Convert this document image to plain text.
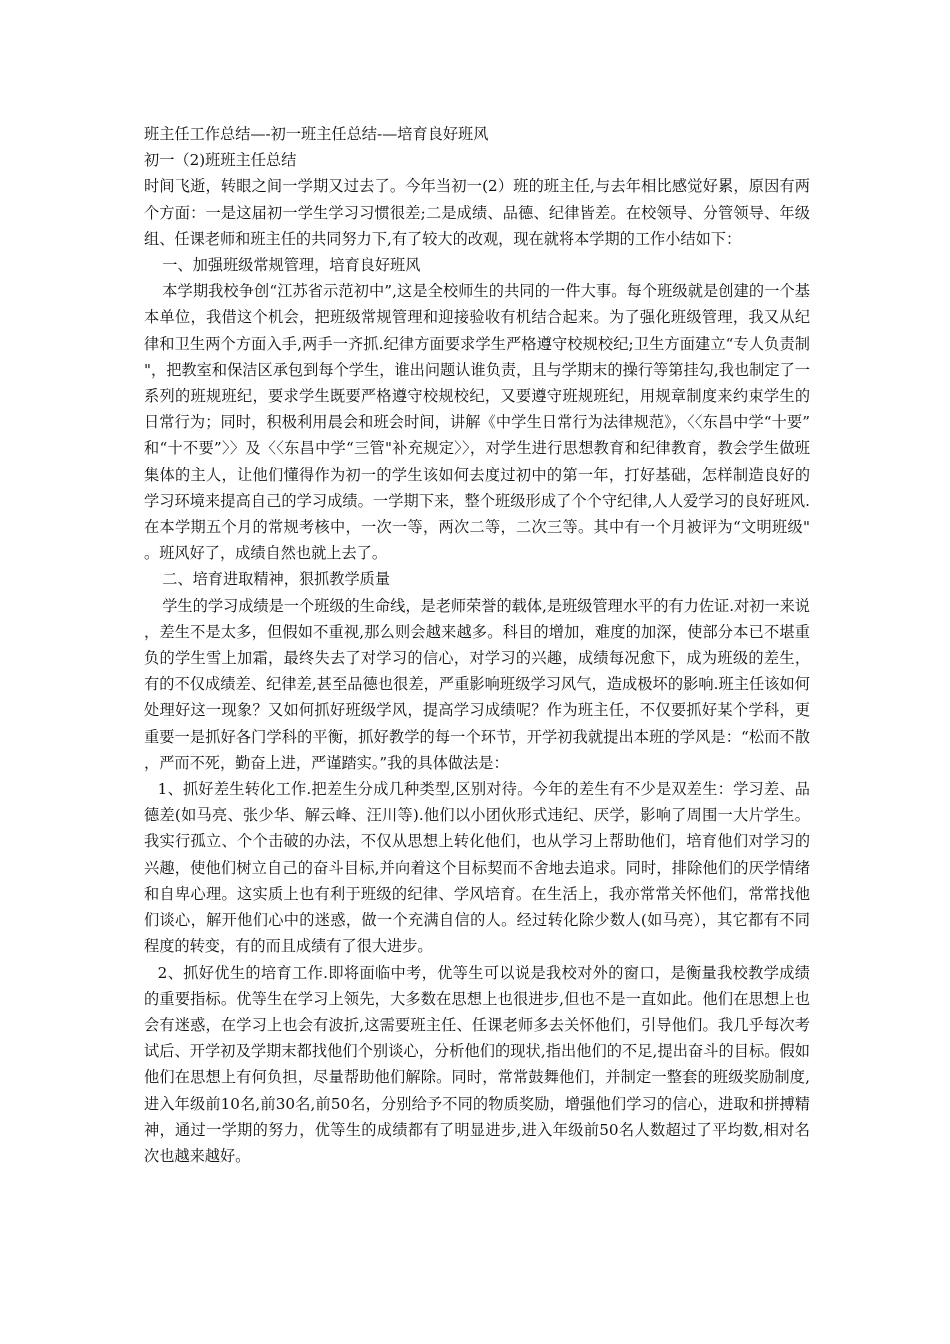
班主任工作总结—-初一班主任总结-—培育良好班风

初一（2)班班主任总结

时间飞逝，转眼之间一学期又过去了。今年当初一(2）班的班主任,与去年相比感觉好累，原因有两个方面：一是这届初一学生学习习惯很差;二是成绩、品德、纪律皆差。在校领导、分管领导、年级组、任课老师和班主任的共同努力下,有了较大的改观，现在就将本学期的工作小结如下：

一、加强班级常规管理，培育良好班风

本学期我校争创“江苏省示范初中”,这是全校师生的共同的一件大事。每个班级就是创建的一个基本单位，我借这个机会，把班级常规管理和迎接验收有机结合起来。为了强化班级管理，我又从纪律和卫生两个方面入手,两手一齐抓.纪律方面要求学生严格遵守校规校纪;卫生方面建立“专人负责制"，把教室和保洁区承包到每个学生，谁出问题认谁负责，且与学期末的操行等第挂勾,我也制定了一系列的班规班纪，要求学生既要严格遵守校规校纪，又要遵守班规班纪，用规章制度来约束学生的日常行为；同时，积极利用晨会和班会时间，讲解《中学生日常行为法律规范》，〈〈东昌中学“十要”和“十不要”〉〉及〈〈东昌中学“三管"补充规定〉〉，对学生进行思想教育和纪律教育，教会学生做班集体的主人，让他们懂得作为初一的学生该如何去度过初中的第一年，打好基础，怎样制造良好的学习环境来提高自己的学习成绩。一学期下来，整个班级形成了个个守纪律,人人爱学习的良好班风.在本学期五个月的常规考核中，一次一等，两次二等，二次三等。其中有一个月被评为“文明班级"。班风好了，成绩自然也就上去了。

二、培育进取精神，狠抓教学质量

学生的学习成绩是一个班级的生命线，是老师荣誉的载体,是班级管理水平的有力佐证.对初一来说，差生不是太多，但假如不重视,那么则会越来越多。科目的增加，难度的加深，使部分本已不堪重负的学生雪上加霜，最终失去了对学习的信心，对学习的兴趣，成绩每况愈下，成为班级的差生，有的不仅成绩差、纪律差,甚至品德也很差，严重影响班级学习风气，造成极坏的影响.班主任该如何处理好这一现象？又如何抓好班级学风，提高学习成绩呢？作为班主任，不仅要抓好某个学科，更重要一是抓好各门学科的平衡，抓好教学的每一个环节，开学初我就提出本班的学风是：“松而不散，严而不死，勤奋上进，严谨踏实。”我的具体做法是：

1、抓好差生转化工作.把差生分成几种类型,区别对待。今年的差生有不少是双差生：学习差、品德差(如马亮、张少华、解云峰、汪川等).他们以小团伙形式违纪、厌学，影响了周围一大片学生。我实行孤立、个个击破的办法，不仅从思想上转化他们，也从学习上帮助他们，培育他们对学习的兴趣，使他们树立自己的奋斗目标,并向着这个目标契而不舍地去追求。同时，排除他们的厌学情绪和自卑心理。这实质上也有利于班级的纪律、学风培育。在生活上，我亦常常关怀他们，常常找他们谈心，解开他们心中的迷惑，做一个充满自信的人。经过转化除少数人(如马亮），其它都有不同程度的转变，有的而且成绩有了很大进步。

2、抓好优生的培育工作.即将面临中考，优等生可以说是我校对外的窗口，是衡量我校教学成绩的重要指标。优等生在学习上领先，大多数在思想上也很进步,但也不是一直如此。他们在思想上也会有迷惑，在学习上也会有波折,这需要班主任、任课老师多去关怀他们，引导他们。我几乎每次考试后、开学初及学期末都找他们个别谈心，分析他们的现状,指出他们的不足,提出奋斗的目标。假如他们在思想上有何负担，尽量帮助他们解除。同时，常常鼓舞他们，并制定一整套的班级奖励制度,进入年级前10名,前30名,前50名，分别给予不同的物质奖励，增强他们学习的信心，进取和拼搏精神，通过一学期的努力，优等生的成绩都有了明显进步,进入年级前50名人数超过了平均数,相对名次也越来越好。
